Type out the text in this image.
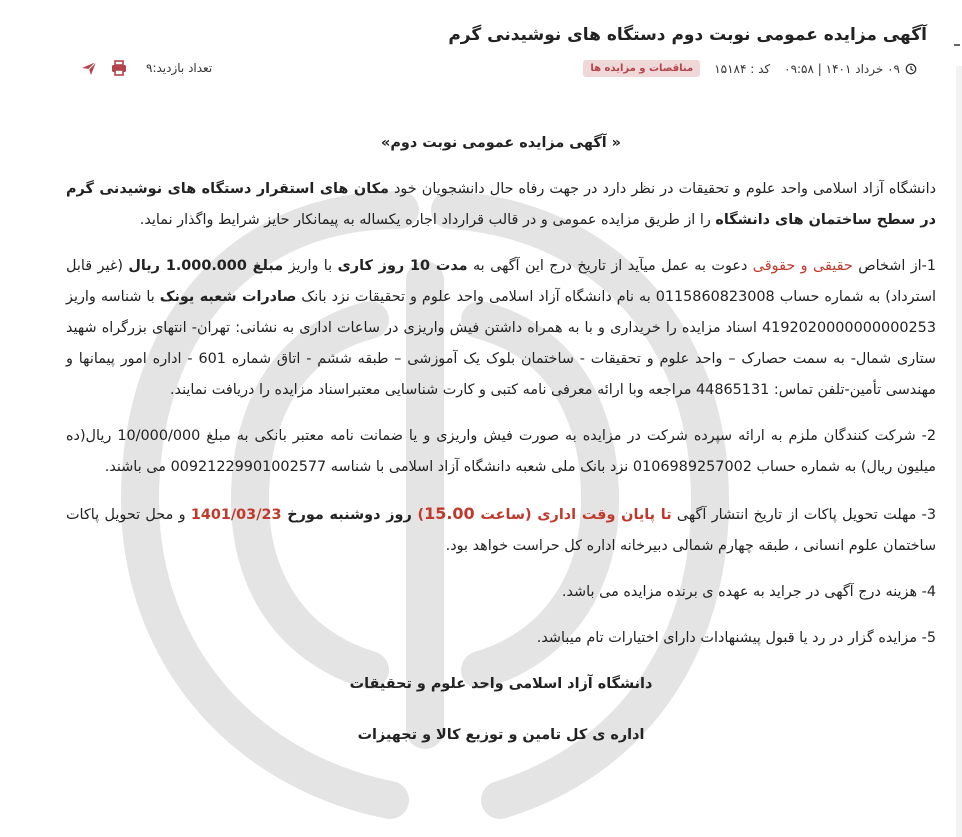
آگهی مزایده عمومی نوبت دوم دستگاه های نوشیدنی گرم
۰۹ خرداد ۱۴۰۱ | ۰۹:۵۸
کد : ۱۵۱۸۴
مناقصات و مزایده ها
تعداد بازدید:۹

« آگهی مزایده عمومی نوبت دوم»

دانشگاه آزاد اسلامی واحد علوم و تحقیقات در نظر دارد در جهت رفاه حال دانشجویان خود مکان های استقرار دستگاه های نوشیدنی گرم در سطح ساختمان های دانشگاه را از طریق مزایده عمومی و در قالب قرارداد اجاره یکساله به پیمانکار حایز شرایط واگذار نماید.

1-از اشخاص حقیقی و حقوقی دعوت به عمل میآید از تاریخ درج این آگهی به مدت 10 روز کاری با واریز مبلغ 1.000.000 ریال (غیر قابل استرداد) به شماره حساب 0115860823008 به نام دانشگاه آزاد اسلامی واحد علوم و تحقیقات نزد بانک صادرات شعبه یونک با شناسه واریز 4192020000000000253 اسناد مزایده را خریداری و با به همراه داشتن فیش واریزی در ساعات اداری به نشانی: تهران- انتهای بزرگراه شهید ستاری شمال- به سمت حصارک – واحد علوم و تحقیقات - ساختمان بلوک یک آموزشی – طبقه ششم - اتاق شماره 601 - اداره امور پیمانها و مهندسی تأمین-تلفن تماس: 44865131 مراجعه وبا ارائه معرفی نامه کتبی و کارت شناسایی معتبراسناد مزایده را دریافت نمایند.

2- شرکت کنندگان ملزم به ارائه سپرده شرکت در مزایده به صورت فیش واریزی و یا ضمانت نامه معتبر بانکی به مبلغ 10/000/000 ریال(ده میلیون ریال) به شماره حساب 0106989257002 نزد بانک ملی شعبه دانشگاه آزاد اسلامی با شناسه 00921229901002577 می باشند.

3- مهلت تحویل پاکات از تاریخ انتشار آگهی تا پایان وقت اداری (ساعت 15.00) روز دوشنبه مورخ 1401/03/23 و محل تحویل پاکات ساختمان علوم انسانی ، طبقه چهارم شمالی دبیرخانه اداره کل حراست خواهد بود.

4- هزینه درج آگهی در جراید به عهده ی برنده مزایده می باشد.

5- مزایده گزار در رد یا قبول پیشنهادات دارای اختیارات تام میباشد.

دانشگاه آزاد اسلامی واحد علوم و تحقیقات

اداره ی کل تامین و توزیع کالا و تجهیزات
